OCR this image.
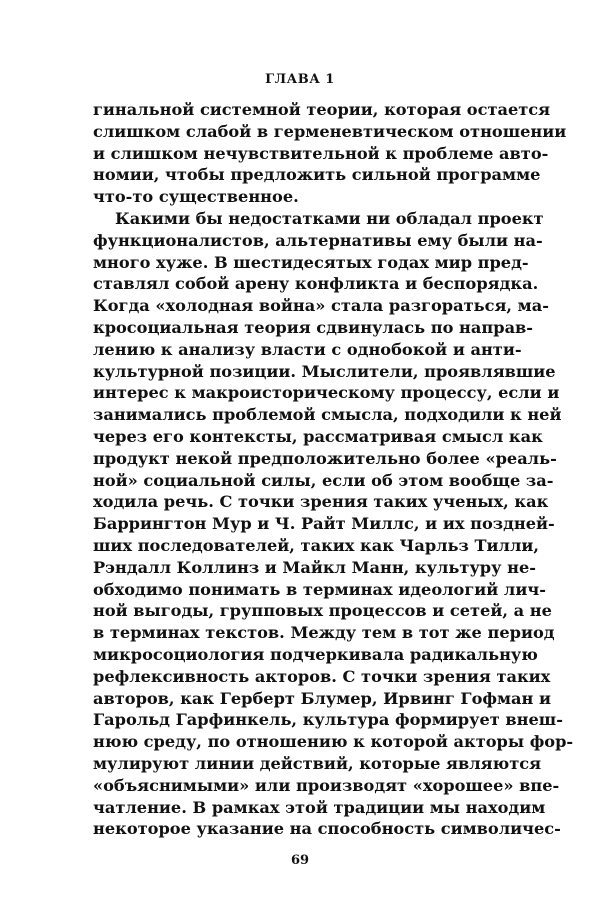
ГЛАВА 1
гинальной системной теории, которая остается
слишком слабой в герменевтическом отношении
и слишком нечувствительной к проблеме авто-
номии, чтобы предложить сильной программе
что-то существенное.
Какими бы недостатками ни обладал проект
функционалистов, альтернативы ему были на-
много хуже. В шестидесятых годах мир пред-
ставлял собой арену конфликта и беспорядка.
Когда «холодная война» стала разгораться, ма-
кросоциальная теория сдвинулась по направ-
лению к анализу власти с однобокой и анти-
культурной позиции. Мыслители, проявлявшие
интерес к макроисторическому процессу, если и
занимались проблемой смысла, подходили к ней
через его контексты, рассматривая смысл как
продукт некой предположительно более «реаль-
ной» социальной силы, если об этом вообще за-
ходила речь. С точки зрения таких ученых, как
Баррингтон Мур и Ч. Райт Миллс, и их поздней-
ших последователей, таких как Чарльз Тилли,
Рэндалл Коллинз и Майкл Манн, культуру не-
обходимо понимать в терминах идеологий лич-
ной выгоды, групповых процессов и сетей, а не
в терминах текстов. Между тем в тот же период
микросоциология подчеркивала радикальную
рефлексивность акторов. С точки зрения таких
авторов, как Герберт Блумер, Ирвинг Гофман и
Гарольд Гарфинкель, культура формирует внеш-
нюю среду, по отношению к которой акторы фор-
мулируют линии действий, которые являются
«объяснимыми» или производят «хорошее» впе-
чатление. В рамках этой традиции мы находим
некоторое указание на способность символичес-
69
